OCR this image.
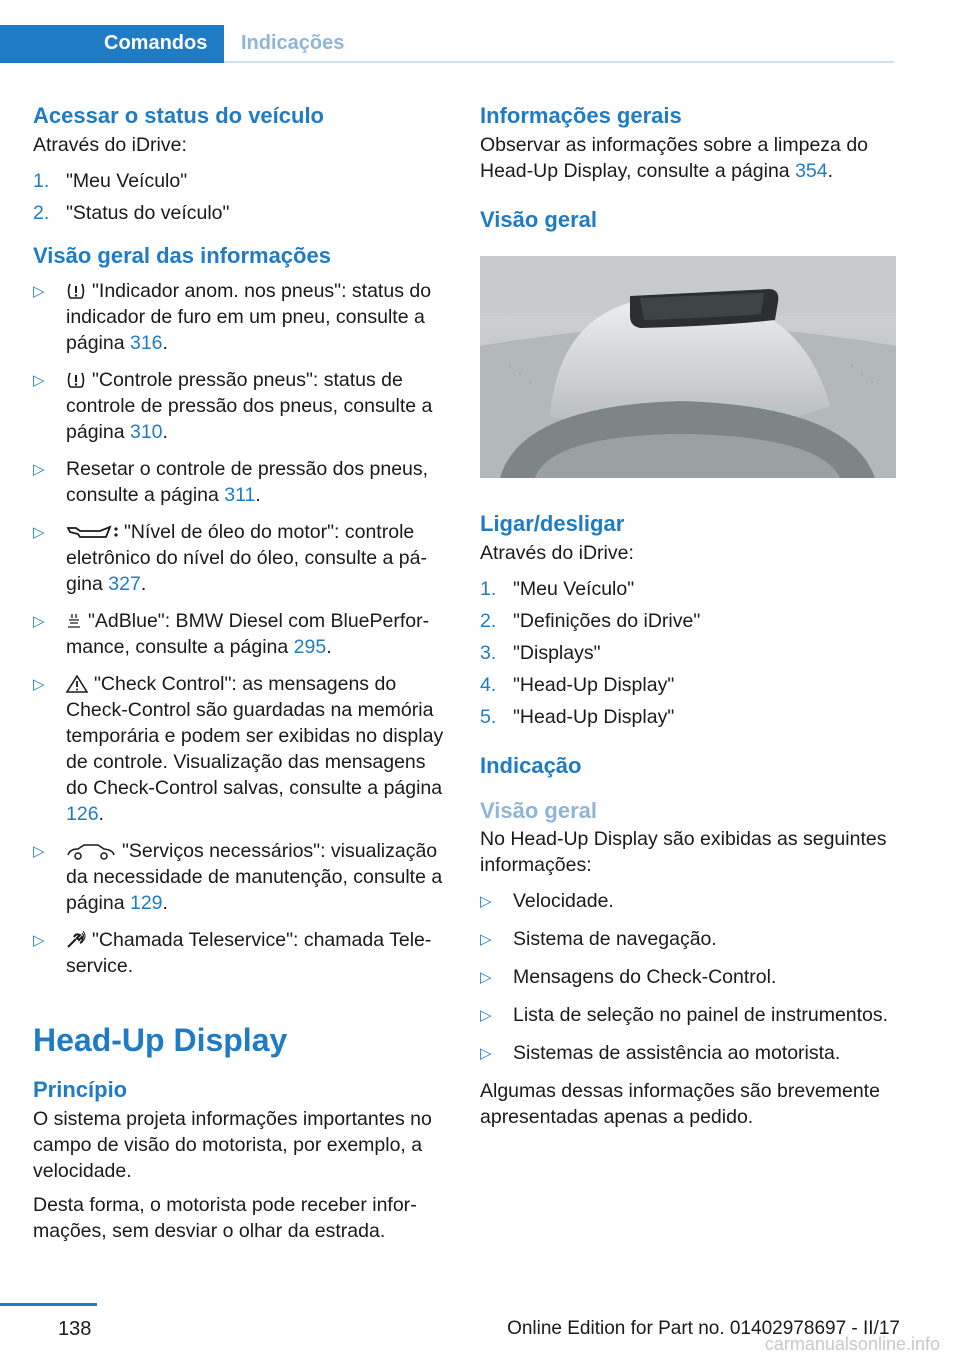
Comandos	Indicações
Acessar o status do veículo

Através do iDrive:

1. "Meu Veículo"
2. "Status do veículo"
Visão geral das informações
▷	"Indicador anom. nos pneus": status do indicador de furo em um pneu, consulte a página 316.
▷	"Controle pressão pneus": status de controle de pressão dos pneus, consulte a página 310.
▷	Resetar o controle de pressão dos pneus, consulte a página 311.
▷	"Nível de óleo do motor": controle eletrônico do nível do óleo, consulte a página 327.
▷	"AdBlue": BMW Diesel com BluePerformance, consulte a página 295.
▷	"Check Control": as mensagens do Check-Control são guardadas na memória temporária e podem ser exibidas no display de controle. Visualização das mensagens do Check-Control salvas, consulte a página 126.
▷	"Serviços necessários": visualização da necessidade de manutenção, consulte a página 129.
▷	"Chamada Teleservice": chamada Teleservice.
Head-Up Display
Princípio

O sistema projeta informações importantes no campo de visão do motorista, por exemplo, a velocidade.

Desta forma, o motorista pode receber informações, sem desviar o olhar da estrada.

Informações gerais

Observar as informações sobre a limpeza do Head-Up Display, consulte a página 354.

Visão geral
Ligar/desligar

Através do iDrive:

1. "Meu Veículo"
2. "Definições do iDrive"
3. "Displays"
4. "Head-Up Display"
5. "Head-Up Display"
Indicação
Visão geral

No Head-Up Display são exibidas as seguintes informações:

▷	Velocidade.
▷	Sistema de navegação.
▷	Mensagens do Check-Control.
▷	Lista de seleção no painel de instrumentos.
▷	Sistemas de assistência ao motorista.

Algumas dessas informações são brevemente apresentadas apenas a pedido.

138	Online Edition for Part no. 01402978697 - II/17
carmanualsonline.info
